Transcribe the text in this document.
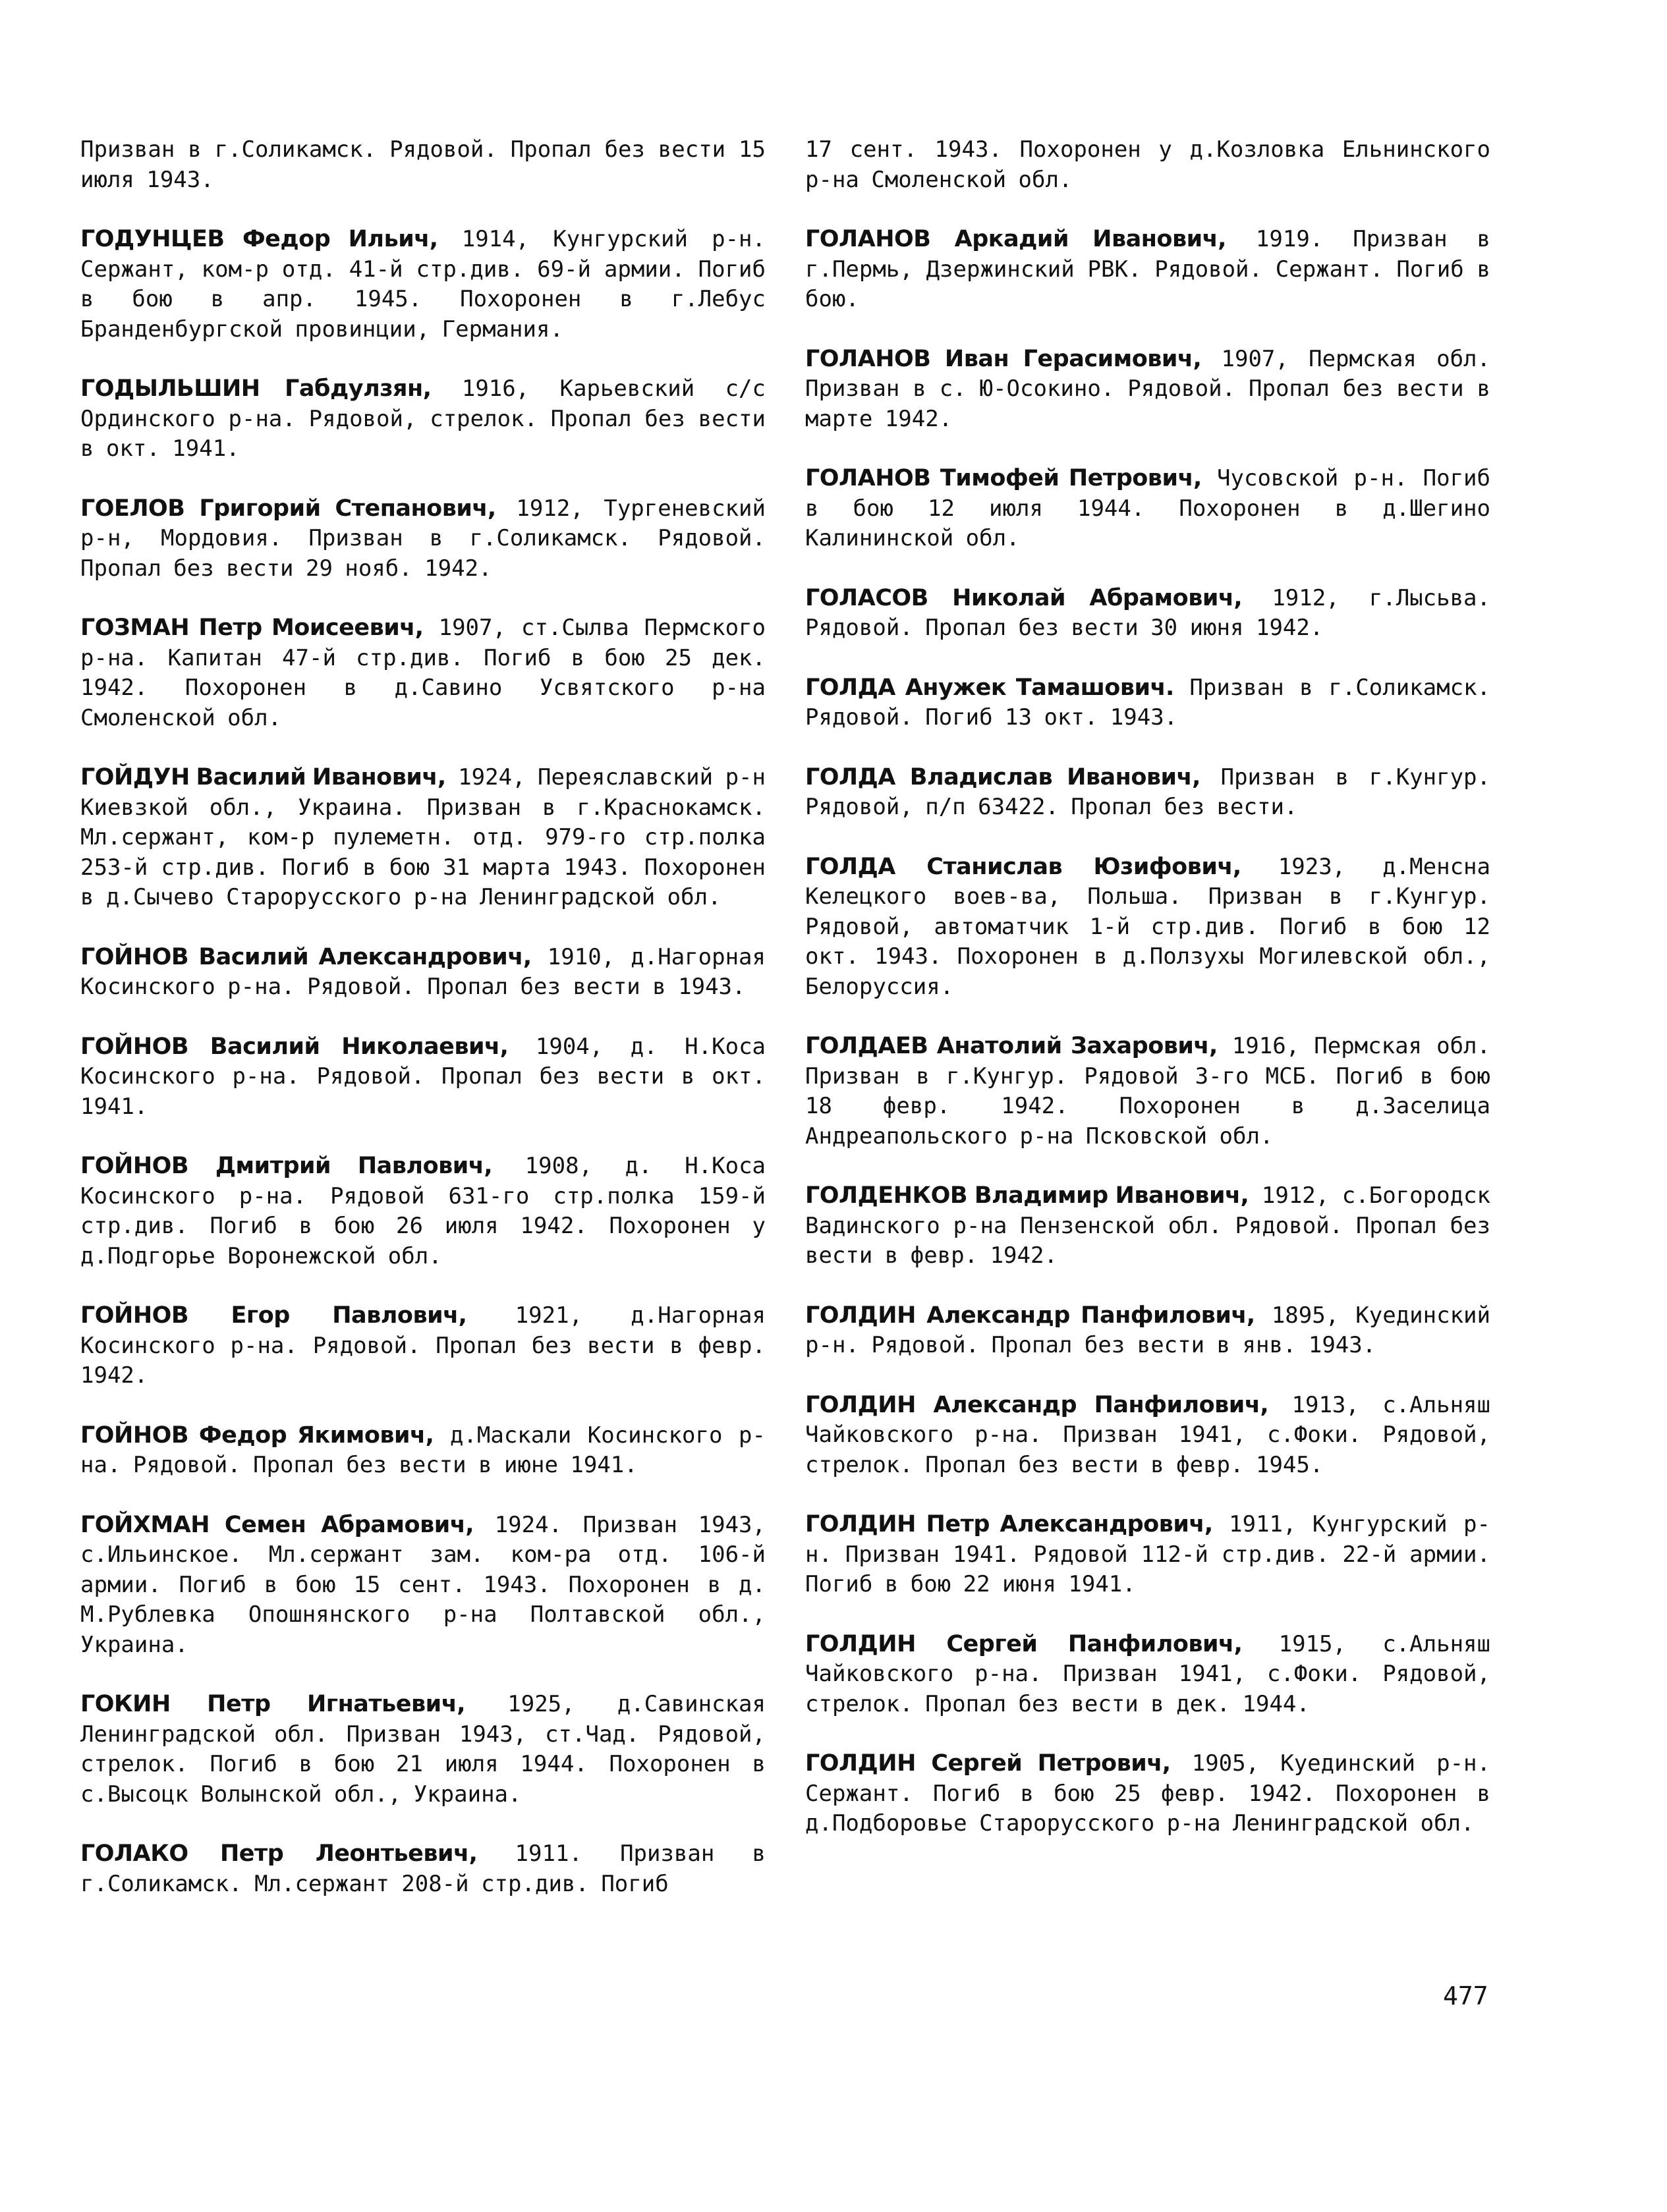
Призван в г.Соликамск. Рядовой. Пропал без вести 15 июля 1943.

ГОДУНЦЕВ Федор Ильич, 1914, Кунгурский р-н. Сержант, ком-р отд. 41-й стр.див. 69-й армии. Погиб в бою в апр. 1945. Похоронен в г.Лебус Бранденбургской провинции, Германия.

ГОДЫЛЬШИН Габдулзян, 1916, Карьевский с/с Ординского р-на. Рядовой, стрелок. Пропал без вести в окт. 1941.

ГОЕЛОВ Григорий Степанович, 1912, Тургеневский р-н, Мордовия. Призван в г.Соликамск. Рядовой. Пропал без вести 29 нояб. 1942.

ГОЗМАН Петр Моисеевич, 1907, ст.Сылва Пермского р-на. Капитан 47-й стр.див. Погиб в бою 25 дек. 1942. Похоронен в д.Савино Усвятского р-на Смоленской обл.

ГОЙДУН Василий Иванович, 1924, Переяславский р-н Киевзкой обл., Украина. Призван в г.Краснокамск. Мл.сержант, ком-р пулеметн. отд. 979-го стр.полка 253-й стр.див. Погиб в бою 31 марта 1943. Похоронен в д.Сычево Старорусского р-на Ленинградской обл.

ГОЙНОВ Василий Александрович, 1910, д.Нагорная Косинского р-на. Рядовой. Пропал без вести в 1943.

ГОЙНОВ Василий Николаевич, 1904, д. Н.Коса Косинского р-на. Рядовой. Пропал без вести в окт. 1941.

ГОЙНОВ Дмитрий Павлович, 1908, д. Н.Коса Косинского р-на. Рядовой 631-го стр.полка 159-й стр.див. Погиб в бою 26 июля 1942. Похоронен у д.Подгорье Воронежской обл.

ГОЙНОВ Егор Павлович, 1921, д.Нагорная Косинского р-на. Рядовой. Пропал без вести в февр. 1942.

ГОЙНОВ Федор Якимович, д.Маскали Косинского р-на. Рядовой. Пропал без вести в июне 1941.

ГОЙХМАН Семен Абрамович, 1924. Призван 1943, с.Ильинское. Мл.сержант зам. ком-ра отд. 106-й армии. Погиб в бою 15 сент. 1943. Похоронен в д. М.Рублевка Опошнянского р-на Полтавской обл., Украина.

ГОКИН Петр Игнатьевич, 1925, д.Савинская Ленинградской обл. Призван 1943, ст.Чад. Рядовой, стрелок. Погиб в бою 21 июля 1944. Похоронен в с.Высоцк Волынской обл., Украина.

ГОЛАКО Петр Леонтьевич, 1911. Призван в г.Соликамск. Мл.сержант 208-й стр.див. Погиб

17 сент. 1943. Похоронен у д.Козловка Ельнинского р-на Смоленской обл.

ГОЛАНОВ Аркадий Иванович, 1919. Призван в г.Пермь, Дзержинский РВК. Рядовой. Сержант. Погиб в бою.

ГОЛАНОВ Иван Герасимович, 1907, Пермская обл. Призван в с. Ю-Осокино. Рядовой. Пропал без вести в марте 1942.

ГОЛАНОВ Тимофей Петрович, Чусовской р-н. Погиб в бою 12 июля 1944. Похоронен в д.Шегино Калининской обл.

ГОЛАСОВ Николай Абрамович, 1912, г.Лысьва. Рядовой. Пропал без вести 30 июня 1942.

ГОЛДА Анужек Тамашович. Призван в г.Соликамск. Рядовой. Погиб 13 окт. 1943.

ГОЛДА Владислав Иванович, Призван в г.Кунгур. Рядовой, п/п 63422. Пропал без вести.

ГОЛДА Станислав Юзифович, 1923, д.Менсна Келецкого воев-ва, Польша. Призван в г.Кунгур. Рядовой, автоматчик 1-й стр.див. Погиб в бою 12 окт. 1943. Похоронен в д.Ползухы Могилевской обл., Белоруссия.

ГОЛДАЕВ Анатолий Захарович, 1916, Пермская обл. Призван в г.Кунгур. Рядовой 3-го МСБ. Погиб в бою 18 февр. 1942. Похоронен в д.Заселица Андреапольского р-на Псковской обл.

ГОЛДЕНКОВ Владимир Иванович, 1912, с.Богородск Вадинского р-на Пензенской обл. Рядовой. Пропал без вести в февр. 1942.

ГОЛДИН Александр Панфилович, 1895, Куединский р-н. Рядовой. Пропал без вести в янв. 1943.

ГОЛДИН Александр Панфилович, 1913, с.Альняш Чайковского р-на. Призван 1941, с.Фоки. Рядовой, стрелок. Пропал без вести в февр. 1945.

ГОЛДИН Петр Александрович, 1911, Кунгурский р-н. Призван 1941. Рядовой 112-й стр.див. 22-й армии. Погиб в бою 22 июня 1941.

ГОЛДИН Сергей Панфилович, 1915, с.Альняш Чайковского р-на. Призван 1941, с.Фоки. Рядовой, стрелок. Пропал без вести в дек. 1944.

ГОЛДИН Сергей Петрович, 1905, Куединский р-н. Сержант. Погиб в бою 25 февр. 1942. Похоронен в д.Подборовье Старорусского р-на Ленинградской обл.

477
